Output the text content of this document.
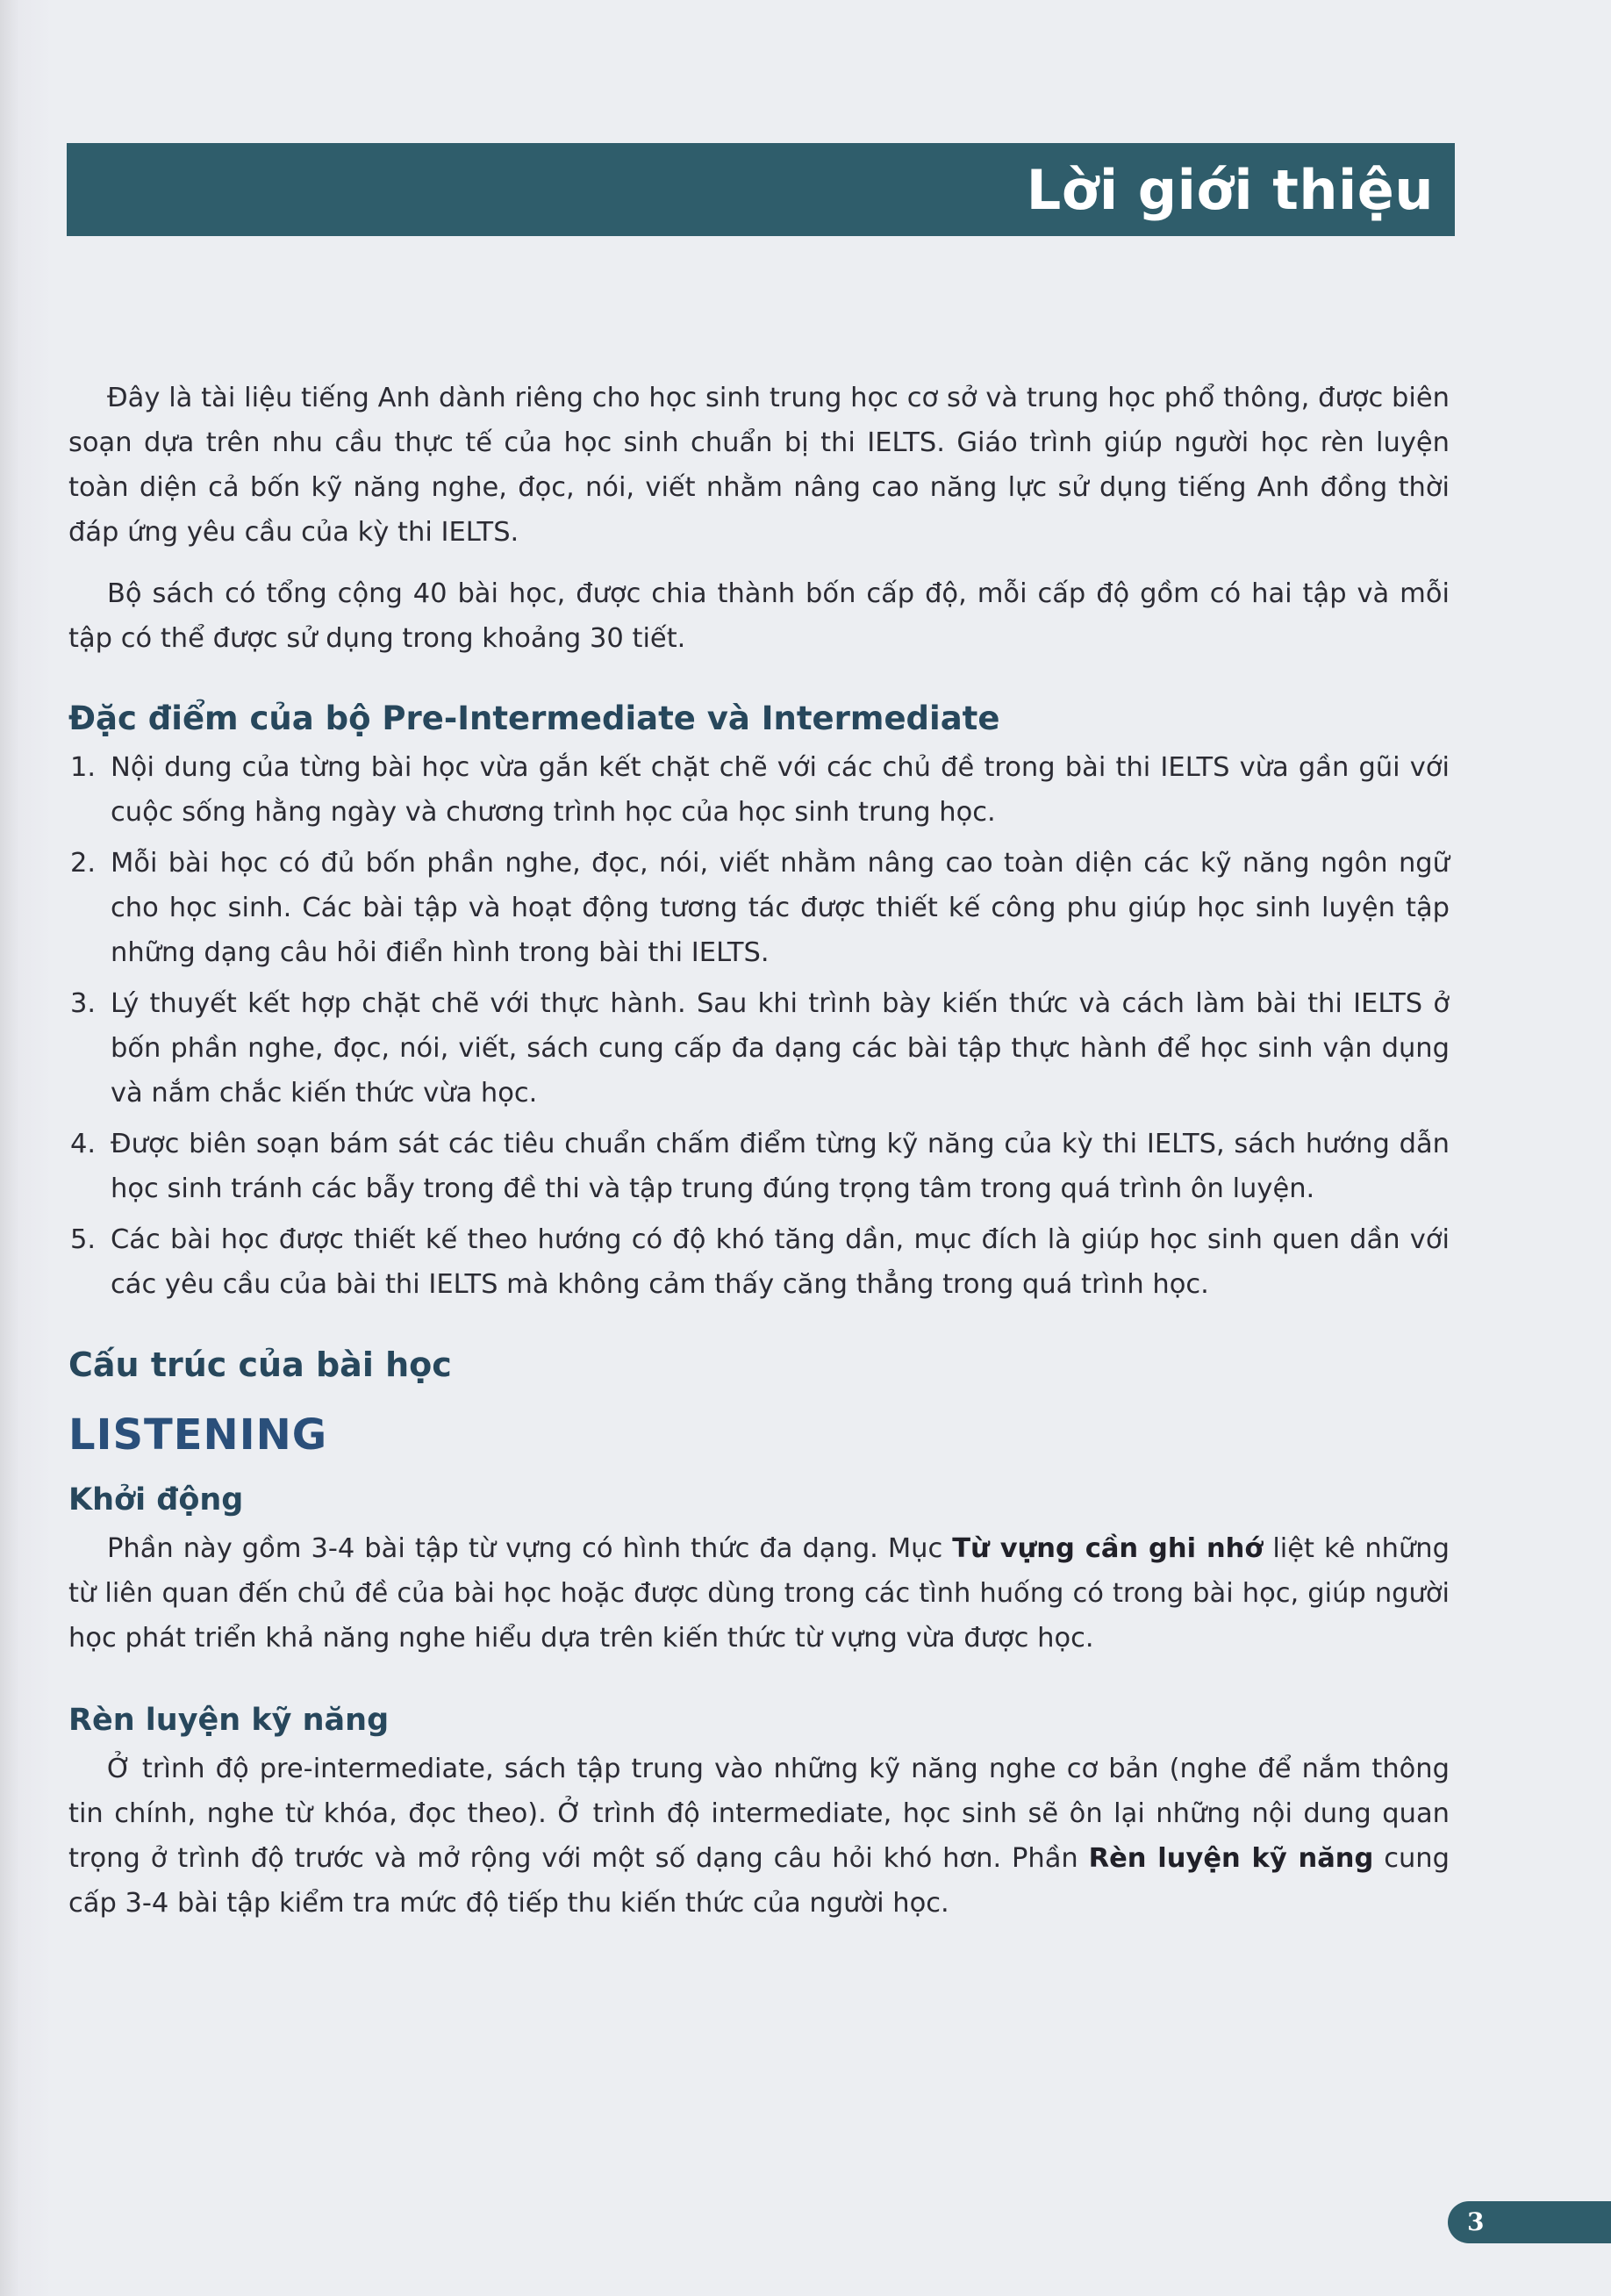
Lời giới thiệu

Đây là tài liệu tiếng Anh dành riêng cho học sinh trung học cơ sở và trung học phổ thông, được biên soạn dựa trên nhu cầu thực tế của học sinh chuẩn bị thi IELTS. Giáo trình giúp người học rèn luyện toàn diện cả bốn kỹ năng nghe, đọc, nói, viết nhằm nâng cao năng lực sử dụng tiếng Anh đồng thời đáp ứng yêu cầu của kỳ thi IELTS.

Bộ sách có tổng cộng 40 bài học, được chia thành bốn cấp độ, mỗi cấp độ gồm có hai tập và mỗi tập có thể được sử dụng trong khoảng 30 tiết.

Đặc điểm của bộ Pre-Intermediate và Intermediate
1. Nội dung của từng bài học vừa gắn kết chặt chẽ với các chủ đề trong bài thi IELTS vừa gần gũi với cuộc sống hằng ngày và chương trình học của học sinh trung học.
2. Mỗi bài học có đủ bốn phần nghe, đọc, nói, viết nhằm nâng cao toàn diện các kỹ năng ngôn ngữ cho học sinh. Các bài tập và hoạt động tương tác được thiết kế công phu giúp học sinh luyện tập những dạng câu hỏi điển hình trong bài thi IELTS.
3. Lý thuyết kết hợp chặt chẽ với thực hành. Sau khi trình bày kiến thức và cách làm bài thi IELTS ở bốn phần nghe, đọc, nói, viết, sách cung cấp đa dạng các bài tập thực hành để học sinh vận dụng và nắm chắc kiến thức vừa học.
4. Được biên soạn bám sát các tiêu chuẩn chấm điểm từng kỹ năng của kỳ thi IELTS, sách hướng dẫn học sinh tránh các bẫy trong đề thi và tập trung đúng trọng tâm trong quá trình ôn luyện.
5. Các bài học được thiết kế theo hướng có độ khó tăng dần, mục đích là giúp học sinh quen dần với các yêu cầu của bài thi IELTS mà không cảm thấy căng thẳng trong quá trình học.
Cấu trúc của bài học
LISTENING
Khởi động

Phần này gồm 3-4 bài tập từ vựng có hình thức đa dạng. Mục Từ vựng cần ghi nhớ liệt kê những từ liên quan đến chủ đề của bài học hoặc được dùng trong các tình huống có trong bài học, giúp người học phát triển khả năng nghe hiểu dựa trên kiến thức từ vựng vừa được học.

Rèn luyện kỹ năng

Ở trình độ pre-intermediate, sách tập trung vào những kỹ năng nghe cơ bản (nghe để nắm thông tin chính, nghe từ khóa, đọc theo). Ở trình độ intermediate, học sinh sẽ ôn lại những nội dung quan trọng ở trình độ trước và mở rộng với một số dạng câu hỏi khó hơn. Phần Rèn luyện kỹ năng cung cấp 3-4 bài tập kiểm tra mức độ tiếp thu kiến thức của người học.

3
